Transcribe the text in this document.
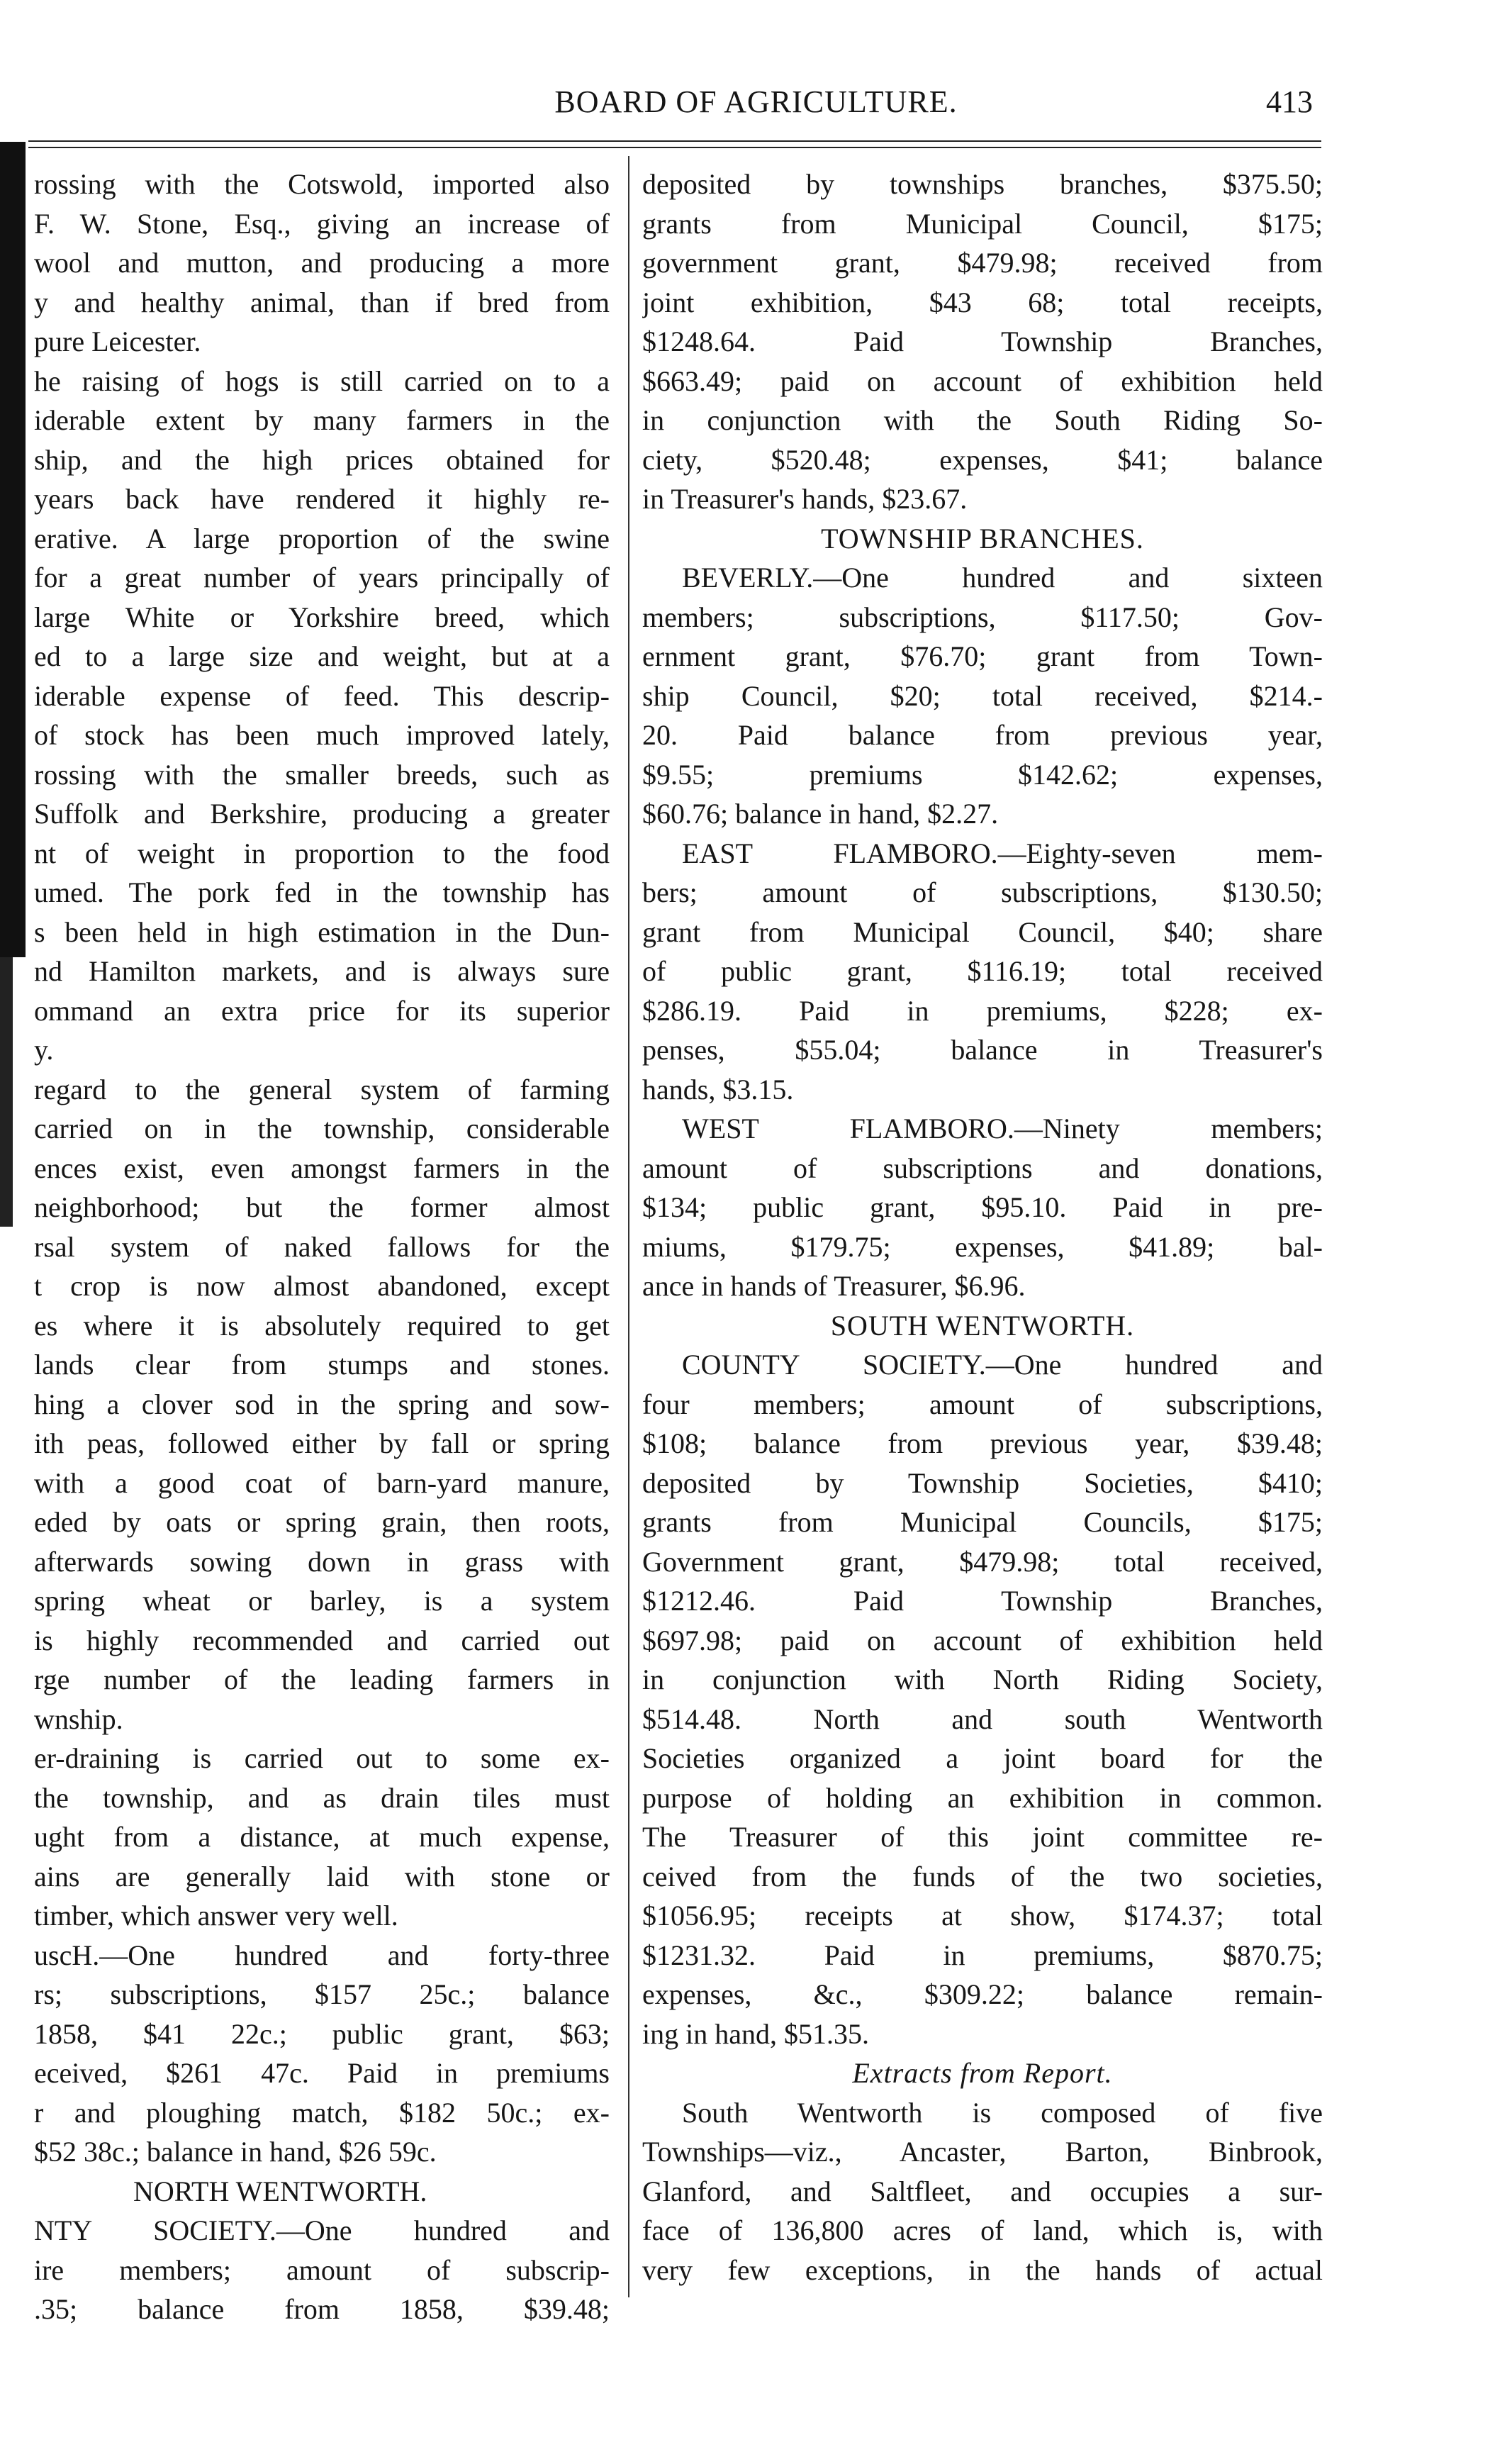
BOARD OF AGRICULTURE.	413
rossing with the Cotswold, imported also
F. W. Stone, Esq., giving an increase of
wool and mutton, and producing a more
y and healthy animal, than if bred from
pure Leicester.
he raising of hogs is still carried on to a
iderable extent by many farmers in the
ship, and the high prices obtained for
years back have rendered it highly re-
erative. A large proportion of the swine
for a great number of years principally of
large White or Yorkshire breed, which
ed to a large size and weight, but at a
iderable expense of feed. This descrip-
of stock has been much improved lately,
rossing with the smaller breeds, such as
Suffolk and Berkshire, producing a greater
nt of weight in proportion to the food
umed. The pork fed in the township has
s been held in high estimation in the Dun-
nd Hamilton markets, and is always sure
ommand an extra price for its superior
y.
regard to the general system of farming
carried on in the township, considerable
ences exist, even amongst farmers in the
neighborhood; but the former almost
rsal system of naked fallows for the
t crop is now almost abandoned, except
es where it is absolutely required to get
lands clear from stumps and stones.
hing a clover sod in the spring and sow-
ith peas, followed either by fall or spring
with a good coat of barn-yard manure,
eded by oats or spring grain, then roots,
afterwards sowing down in grass with
spring wheat or barley, is a system
is highly recommended and carried out
rge number of the leading farmers in
wnship.
er-draining is carried out to some ex-
the township, and as drain tiles must
ught from a distance, at much expense,
ains are generally laid with stone or
timber, which answer very well.
uscH.—One hundred and forty-three
rs; subscriptions, $157 25c.; balance
1858, $41 22c.; public grant, $63;
eceived, $261 47c. Paid in premiums
r and ploughing match, $182 50c.; ex-
$52 38c.; balance in hand, $26 59c.
NORTH WENTWORTH.
NTY SOCIETY.—One hundred and
ire members; amount of subscrip-
.35; balance from 1858, $39.48;
deposited by townships branches, $375.50;
grants from Municipal Council, $175;
government grant, $479.98; received from
joint exhibition, $43 68; total receipts,
$1248.64. Paid Township Branches,
$663.49; paid on account of exhibition held
in conjunction with the South Riding So-
ciety, $520.48; expenses, $41; balance
in Treasurer's hands, $23.67.
TOWNSHIP BRANCHES.
BEVERLY.—One hundred and sixteen
members; subscriptions, $117.50; Gov-
ernment grant, $76.70; grant from Town-
ship Council, $20; total received, $214.-
20. Paid balance from previous year,
$9.55; premiums $142.62; expenses,
$60.76; balance in hand, $2.27.
EAST FLAMBORO.—Eighty-seven mem-
bers; amount of subscriptions, $130.50;
grant from Municipal Council, $40; share
of public grant, $116.19; total received
$286.19. Paid in premiums, $228; ex-
penses, $55.04; balance in Treasurer's
hands, $3.15.
WEST FLAMBORO.—Ninety members;
amount of subscriptions and donations,
$134; public grant, $95.10. Paid in pre-
miums, $179.75; expenses, $41.89; bal-
ance in hands of Treasurer, $6.96.
SOUTH WENTWORTH.
COUNTY SOCIETY.—One hundred and
four members; amount of subscriptions,
$108; balance from previous year, $39.48;
deposited by Township Societies, $410;
grants from Municipal Councils, $175;
Government grant, $479.98; total received,
$1212.46. Paid Township Branches,
$697.98; paid on account of exhibition held
in conjunction with North Riding Society,
$514.48. North and south Wentworth
Societies organized a joint board for the
purpose of holding an exhibition in common.
The Treasurer of this joint committee re-
ceived from the funds of the two societies,
$1056.95; receipts at show, $174.37; total
$1231.32. Paid in premiums, $870.75;
expenses, &c., $309.22; balance remain-
ing in hand, $51.35.
Extracts from Report.
South Wentworth is composed of five
Townships—viz., Ancaster, Barton, Binbrook,
Glanford, and Saltfleet, and occupies a sur-
face of 136,800 acres of land, which is, with
very few exceptions, in the hands of actual
